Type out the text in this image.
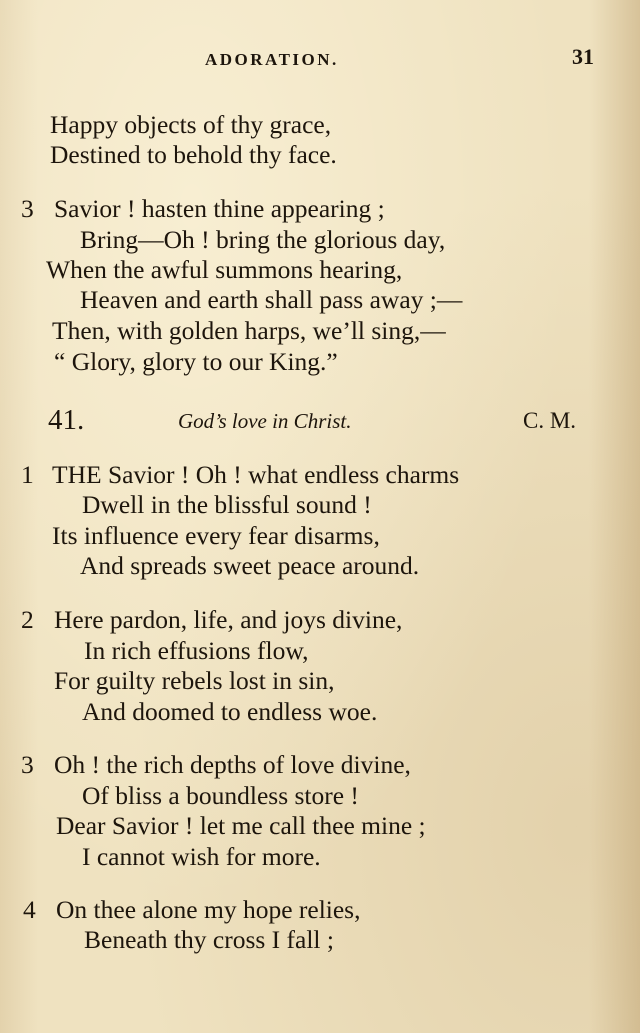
ADORATION.	31
Happy objects of thy grace,
Destined to behold thy face.
3 Savior ! hasten thine appearing ;
Bring—Oh ! bring the glorious day,
When the awful summons hearing,
Heaven and earth shall pass away ;—
Then, with golden harps, we’ll sing,—
“ Glory, glory to our King.”
41.	God’s love in Christ.	C. M.
1 THE Savior ! Oh ! what endless charms
Dwell in the blissful sound !
Its influence every fear disarms,
And spreads sweet peace around.
2 Here pardon, life, and joys divine,
In rich effusions flow,
For guilty rebels lost in sin,
And doomed to endless woe.
3 Oh ! the rich depths of love divine,
Of bliss a boundless store !
Dear Savior ! let me call thee mine ;
I cannot wish for more.
4 On thee alone my hope relies,
Beneath thy cross I fall ;
